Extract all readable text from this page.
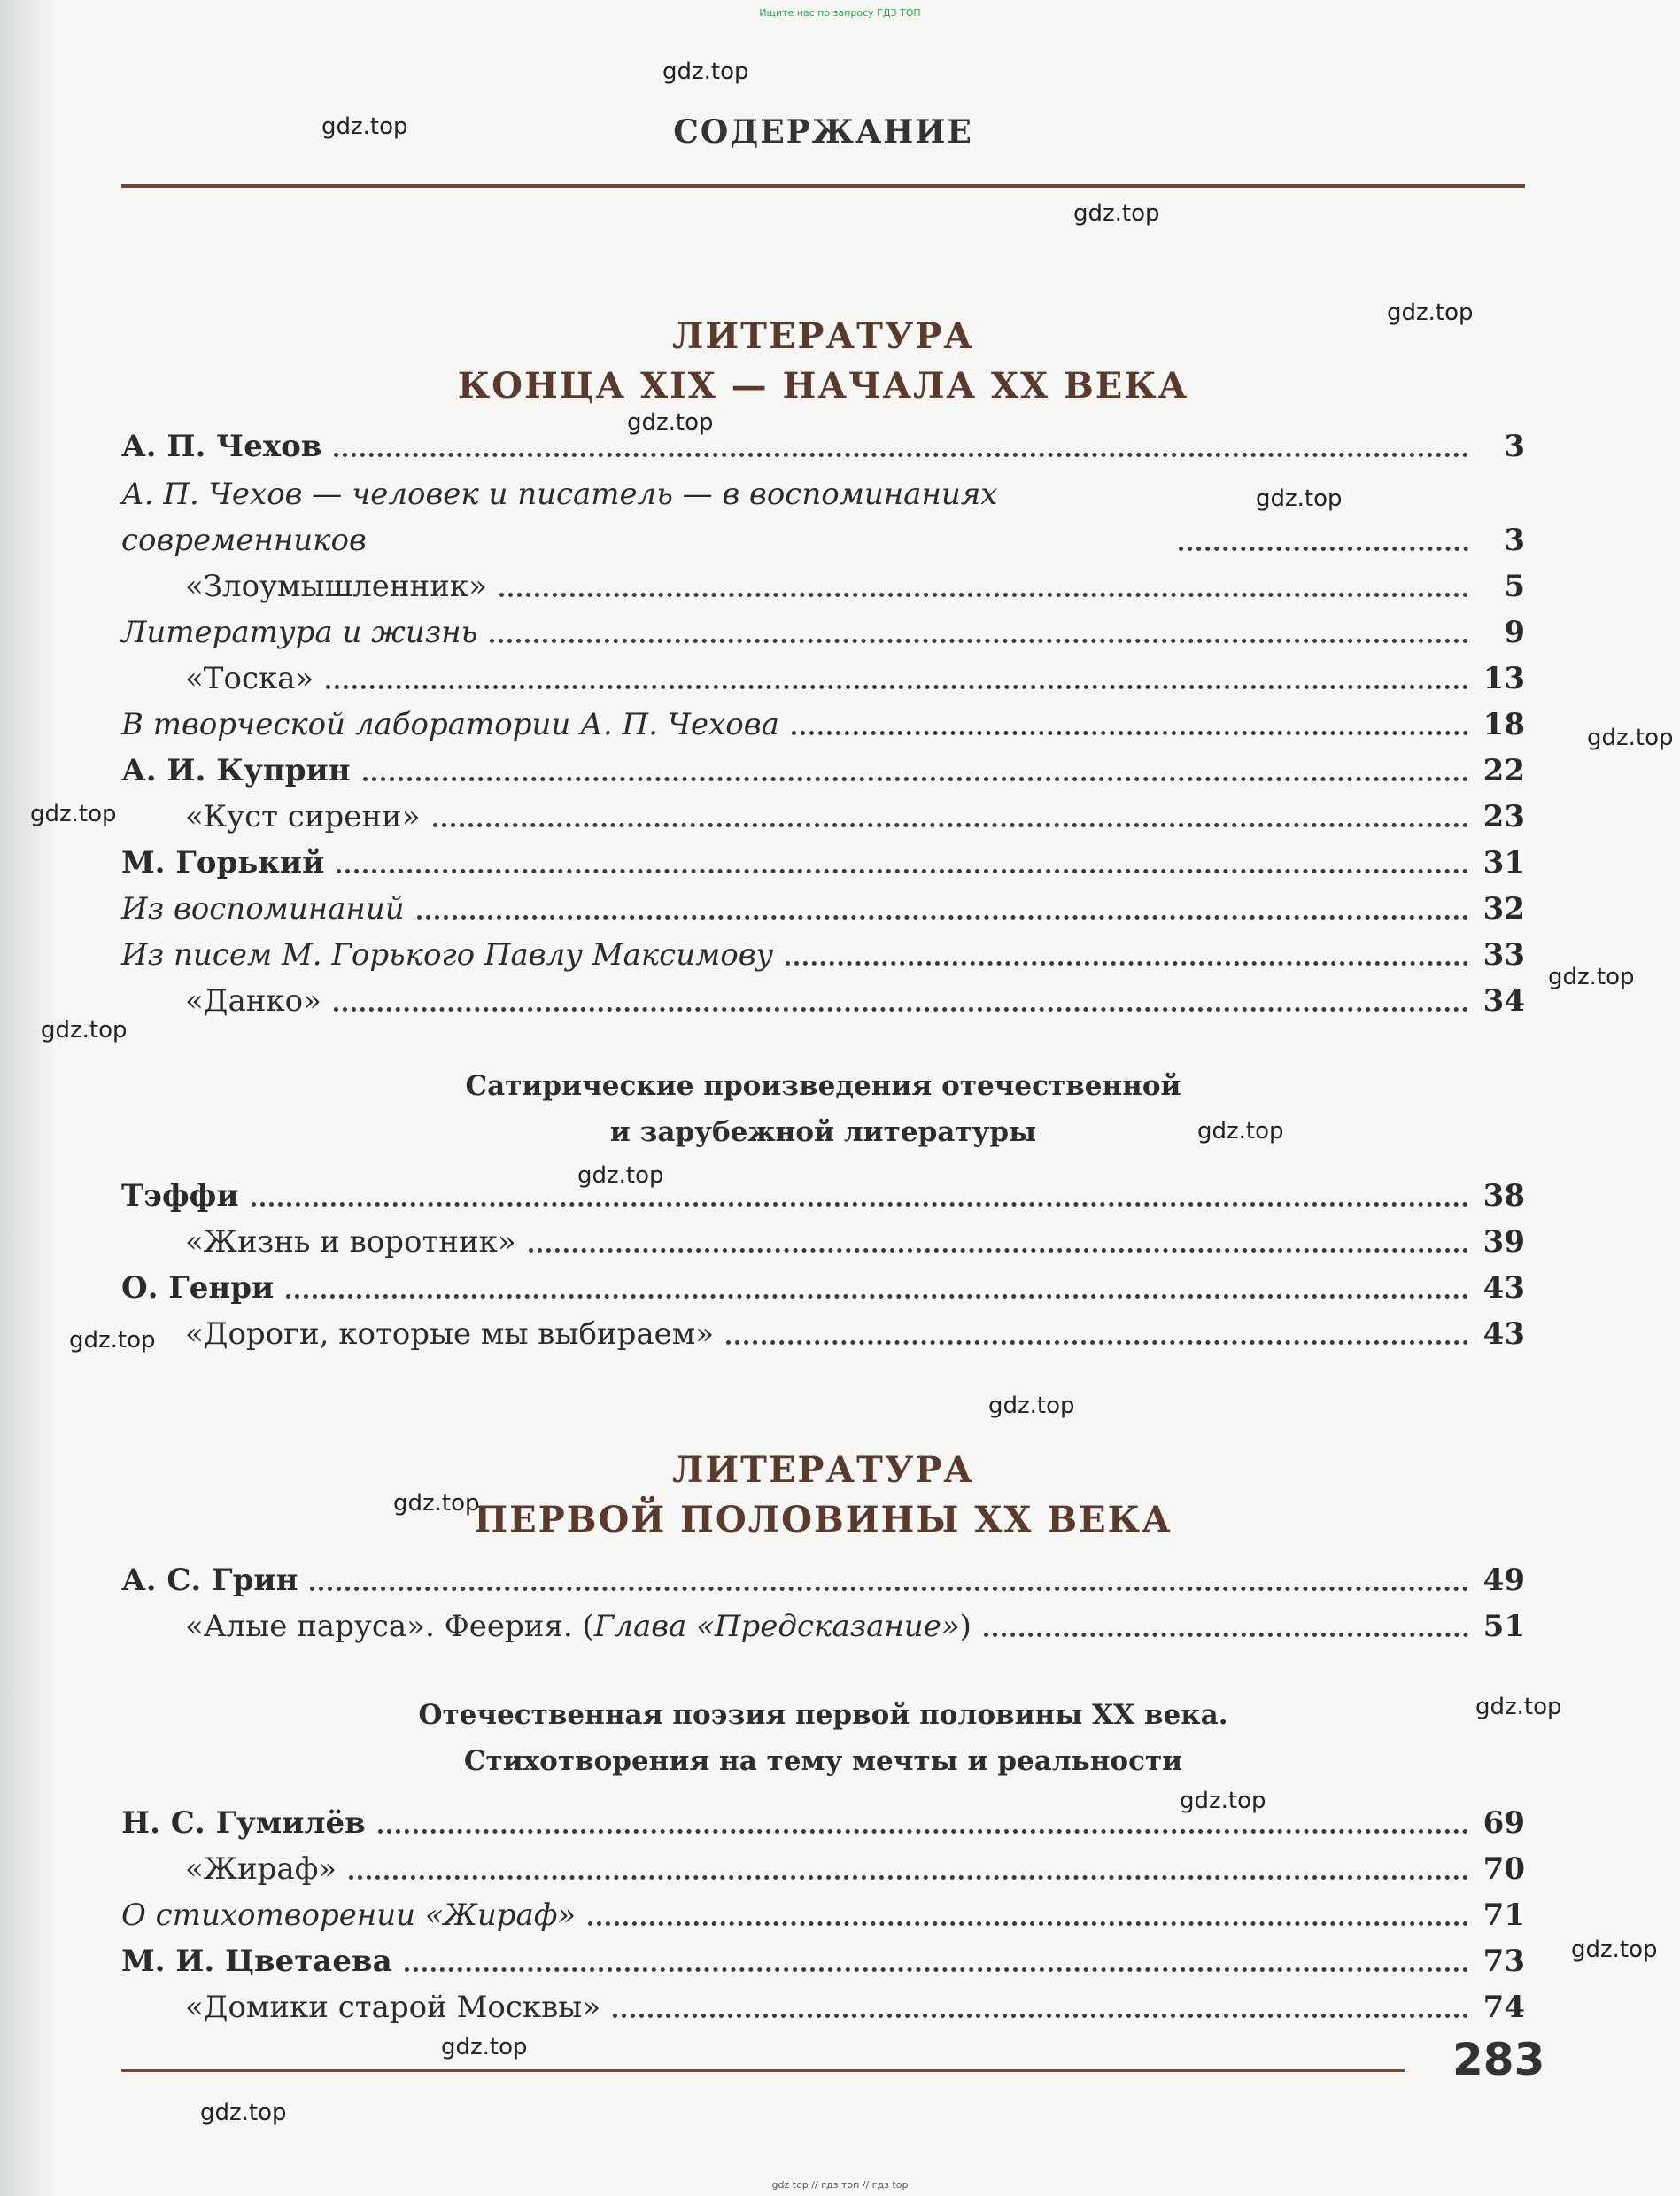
Ищите нас по запросу ГДЗ ТОП
СОДЕРЖАНИЕ
ЛИТЕРАТУРА
КОНЦА XIX — НАЧАЛА XX ВЕКА
А. П. Чехов	3
А. П. Чехов — человек и писатель — в воспоминаниях современников	3
«Злоумышленник»	5
Литература и жизнь	9
«Тоска»	13
В творческой лаборатории А. П. Чехова	18
А. И. Куприн	22
«Куст сирени»	23
М. Горький	31
Из воспоминаний	32
Из писем М. Горького Павлу Максимову	33
«Данко»	34
Сатирические произведения отечественной
и зарубежной литературы
Тэффи	38
«Жизнь и воротник»	39
О. Генри	43
«Дороги, которые мы выбираем»	43
ЛИТЕРАТУРА
ПЕРВОЙ ПОЛОВИНЫ XX ВЕКА
А. С. Грин	49
«Алые паруса». Феерия. (Глава «Предсказание»)	51
Отечественная поэзия первой половины XX века.
Стихотворения на тему мечты и реальности
Н. С. Гумилёв	69
«Жираф»	70
О стихотворении «Жираф»	71
М. И. Цветаева	73
«Домики старой Москвы»	74
283
gdz.top
gdz.top
gdz.top
gdz.top
gdz.top
gdz.top
gdz.top
gdz.top
gdz.top
gdz.top
gdz.top
gdz.top
gdz.top
gdz.top
gdz.top
gdz.top
gdz.top
gdz.top
gdz.top
gdz.top
gdz top // гдз топ // гдз top
